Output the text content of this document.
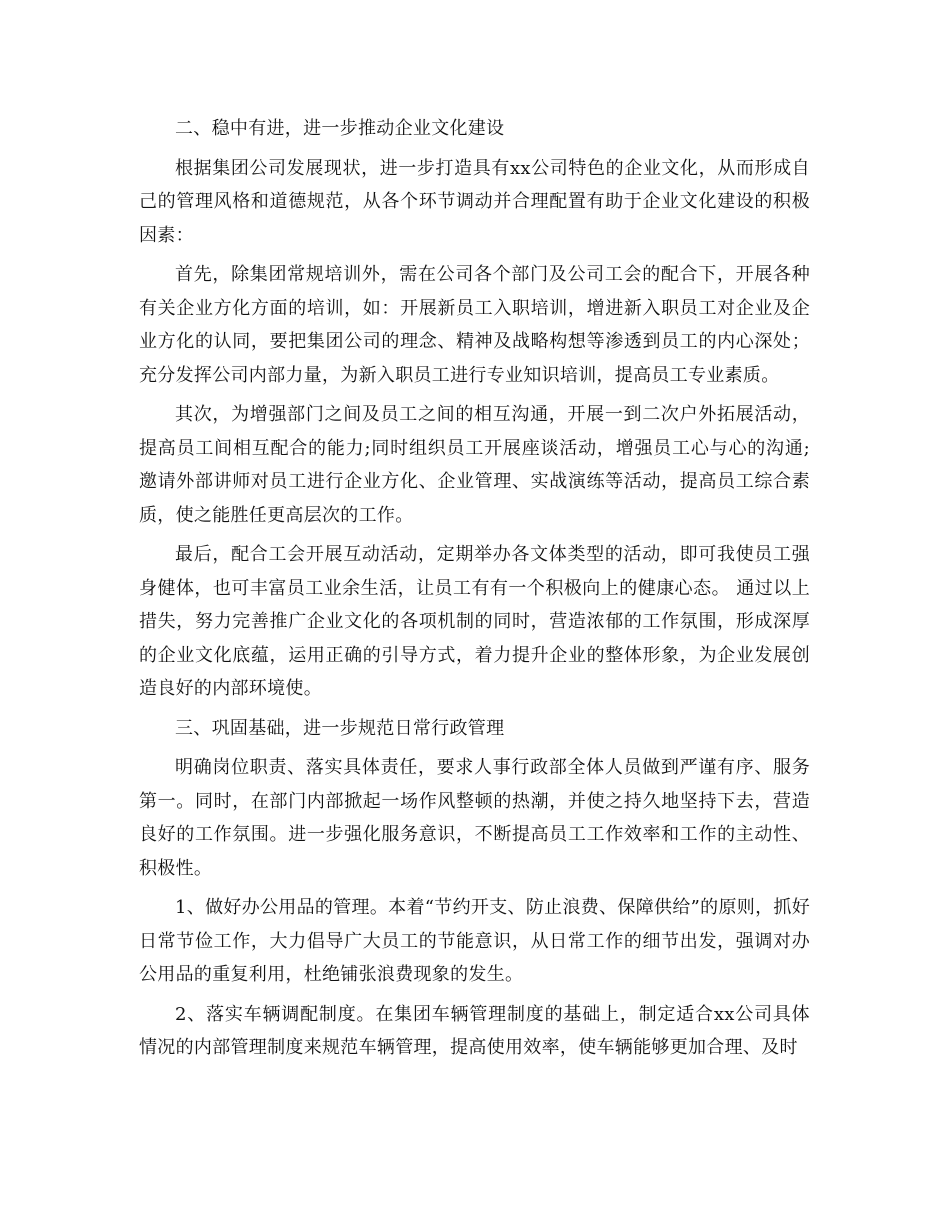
二、稳中有进，进一步推动企业文化建设

根据集团公司发展现状，进一步打造具有xx公司特色的企业文化，从而形成自己的管理风格和道德规范，从各个环节调动并合理配置有助于企业文化建设的积极因素：

首先，除集团常规培训外，需在公司各个部门及公司工会的配合下，开展各种有关企业方化方面的培训，如：开展新员工入职培训，增进新入职员工对企业及企业方化的认同，要把集团公司的理念、精神及战略构想等渗透到员工的内心深处；充分发挥公司内部力量，为新入职员工进行专业知识培训，提高员工专业素质。

其次，为增强部门之间及员工之间的相互沟通，开展一到二次户外拓展活动，提高员工间相互配合的能力;同时组织员工开展座谈活动，增强员工心与心的沟通;邀请外部讲师对员工进行企业方化、企业管理、实战演练等活动，提高员工综合素质，使之能胜任更高层次的工作。

最后，配合工会开展互动活动，定期举办各文体类型的活动，即可我使员工强身健体，也可丰富员工业余生活，让员工有有一个积极向上的健康心态。 通过以上措失，努力完善推广企业文化的各项机制的同时，营造浓郁的工作氛围，形成深厚的企业文化底蕴，运用正确的引导方式，着力提升企业的整体形象，为企业发展创造良好的内部环境使。

三、巩固基础，进一步规范日常行政管理

明确岗位职责、落实具体责任，要求人事行政部全体人员做到严谨有序、服务第一。同时，在部门内部掀起一场作风整顿的热潮，并使之持久地坚持下去，营造良好的工作氛围。进一步强化服务意识，不断提高员工工作效率和工作的主动性、积极性。

1、做好办公用品的管理。本着“节约开支、防止浪费、保障供给”的原则，抓好日常节俭工作，大力倡导广大员工的节能意识，从日常工作的细节出发，强调对办公用品的重复利用，杜绝铺张浪费现象的发生。

2、落实车辆调配制度。在集团车辆管理制度的基础上，制定适合xx公司具体情况的内部管理制度来规范车辆管理，提高使用效率，使车辆能够更加合理、及时
